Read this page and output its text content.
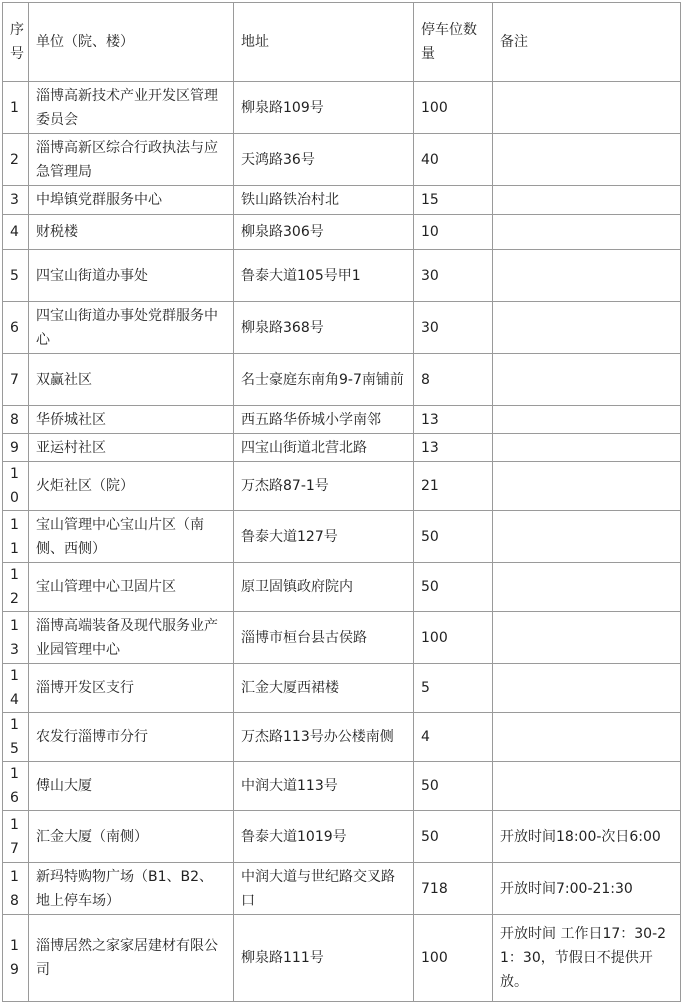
序号	单位（院、楼）	地址	停车位数量	备注
1	淄博高新技术产业开发区管理委员会	柳泉路109号	100	
2	淄博高新区综合行政执法与应急管理局	天鸿路36号	40	
3	中埠镇党群服务中心	铁山路铁冶村北	15	
4	财税楼	柳泉路306号	10	
5	四宝山街道办事处	鲁泰大道105号甲1	30	
6	四宝山街道办事处党群服务中心	柳泉路368号	30	
7	双赢社区	名士豪庭东南角9-7南铺前	8	
8	华侨城社区	西五路华侨城小学南邻	13	
9	亚运村社区	四宝山街道北营北路	13	
10	火炬社区（院）	万杰路87-1号	21	
11	宝山管理中心宝山片区（南侧、西侧）	鲁泰大道127号	50	
12	宝山管理中心卫固片区	原卫固镇政府院内	50	
13	淄博高端装备及现代服务业产业园管理中心	淄博市桓台县古侯路	100	
14	淄博开发区支行	汇金大厦西裙楼	5	
15	农发行淄博市分行	万杰路113号办公楼南侧	4	
16	傅山大厦	中润大道113号	50	
17	汇金大厦（南侧）	鲁泰大道1019号	50	开放时间18:00-次日6:00
18	新玛特购物广场（B1、B2、地上停车场）	中润大道与世纪路交叉路口	718	开放时间7:00-21:30
19	淄博居然之家家居建材有限公司	柳泉路111号	100	开放时间 工作日17：30-21：30，节假日不提供开放。
